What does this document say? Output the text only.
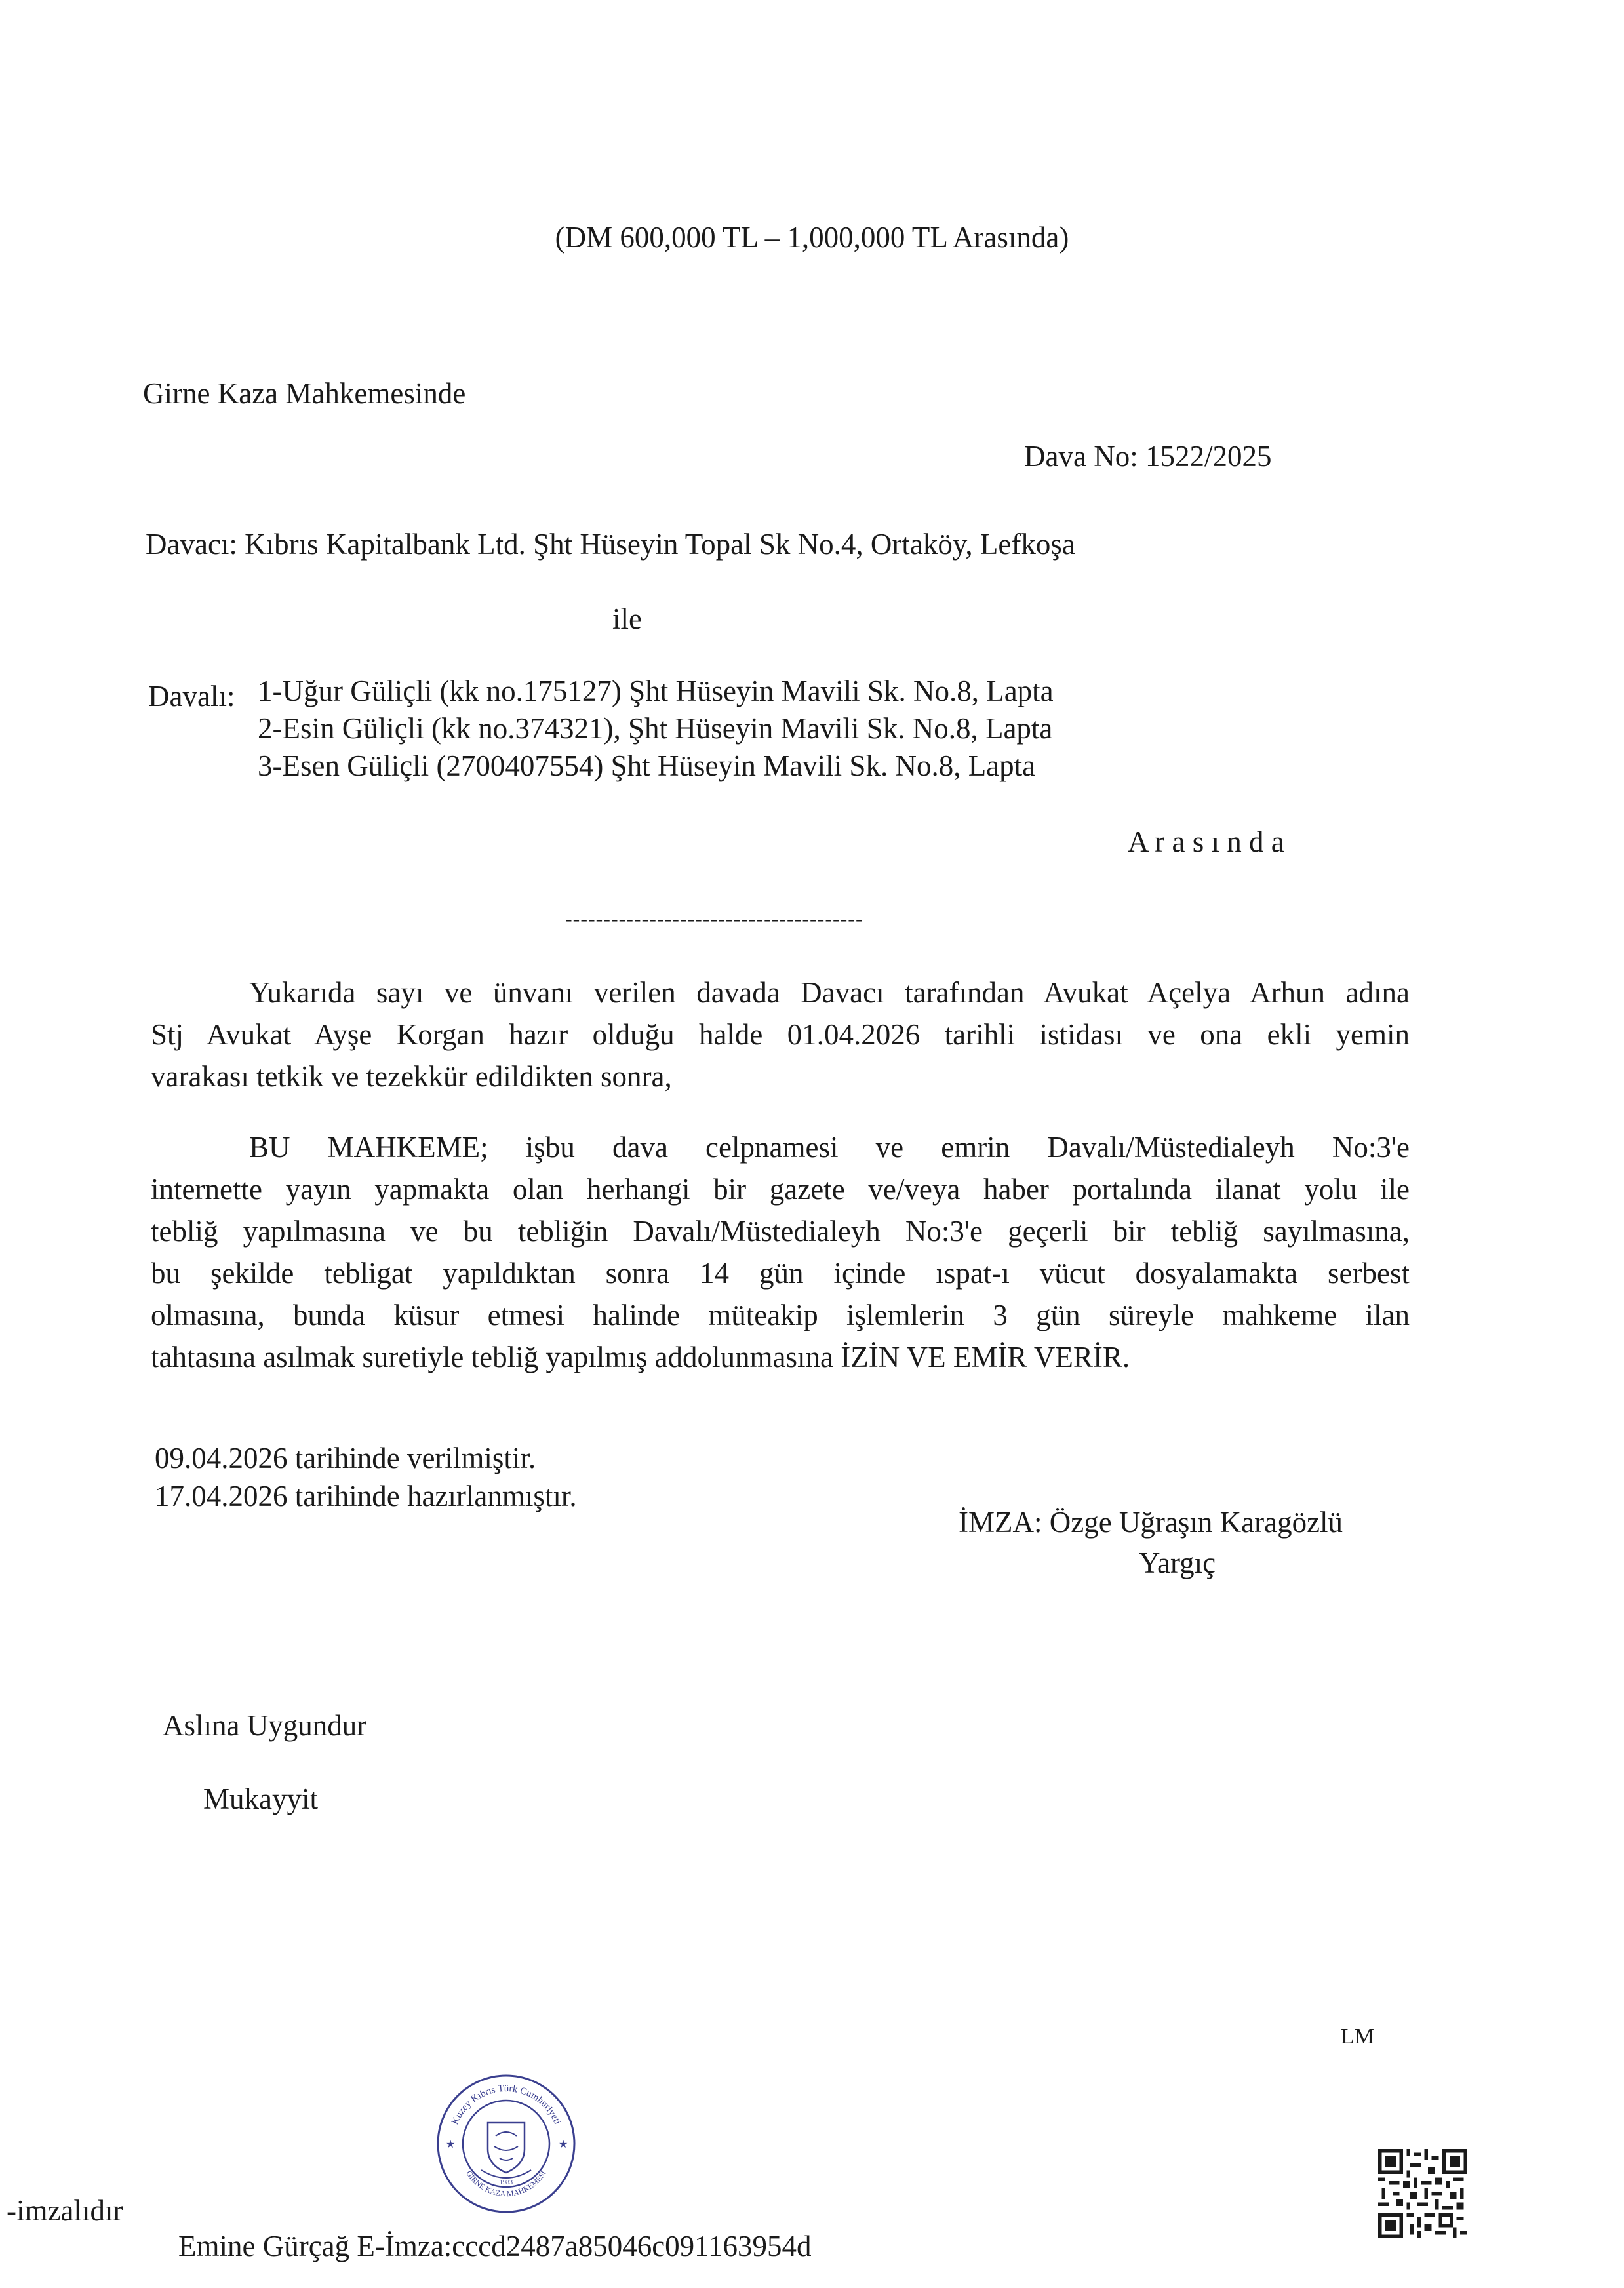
(DM 600,000 TL – 1,000,000 TL Arasında)
Girne Kaza Mahkemesinde
Dava No: 1522/2025
Davacı: Kıbrıs Kapitalbank Ltd. Şht Hüseyin Topal Sk No.4, Ortaköy, Lefkoşa
ile
Davalı: 1-Uğur Güliçli (kk no.175127) Şht Hüseyin Mavili Sk. No.8, Lapta
2-Esin Güliçli (kk no.374321), Şht Hüseyin Mavili Sk. No.8, Lapta
3-Esen Güliçli (2700407554) Şht Hüseyin Mavili Sk. No.8, Lapta
A r a s ı n d a
---------------------------------------
Yukarıda sayı ve ünvanı verilen davada Davacı tarafından Avukat Açelya Arhun adına
Stj Avukat Ayşe Korgan hazır olduğu halde 01.04.2026 tarihli istidası ve ona ekli yemin
varakası tetkik ve tezekkür edildikten sonra,
BU MAHKEME; işbu dava celpnamesi ve emrin Davalı/Müstedialeyh No:3'e
internette yayın yapmakta olan herhangi bir gazete ve/veya haber portalında ilanat yolu ile
tebliğ yapılmasına ve bu tebliğin Davalı/Müstedialeyh No:3'e geçerli bir tebliğ sayılmasına,
bu şekilde tebligat yapıldıktan sonra 14 gün içinde ıspat-ı vücut dosyalamakta serbest
olmasına, bunda küsur etmesi halinde müteakip işlemlerin 3 gün süreyle mahkeme ilan
tahtasına asılmak suretiyle tebliğ yapılmış addolunmasına İZİN VE EMİR VERİR.
09.04.2026 tarihinde verilmiştir.
17.04.2026 tarihinde hazırlanmıştır.
İMZA: Özge Uğraşın Karagözlü
Yargıç
Aslına Uygundur
Mukayyit
LM
Kuzey Kıbrıs Türk Cumhuriyeti
GİRNE KAZA MAHKEMESİ
★	★
1983
-imzalıdır
Emine Gürçağ E-İmza:cccd2487a85046c091163954d
